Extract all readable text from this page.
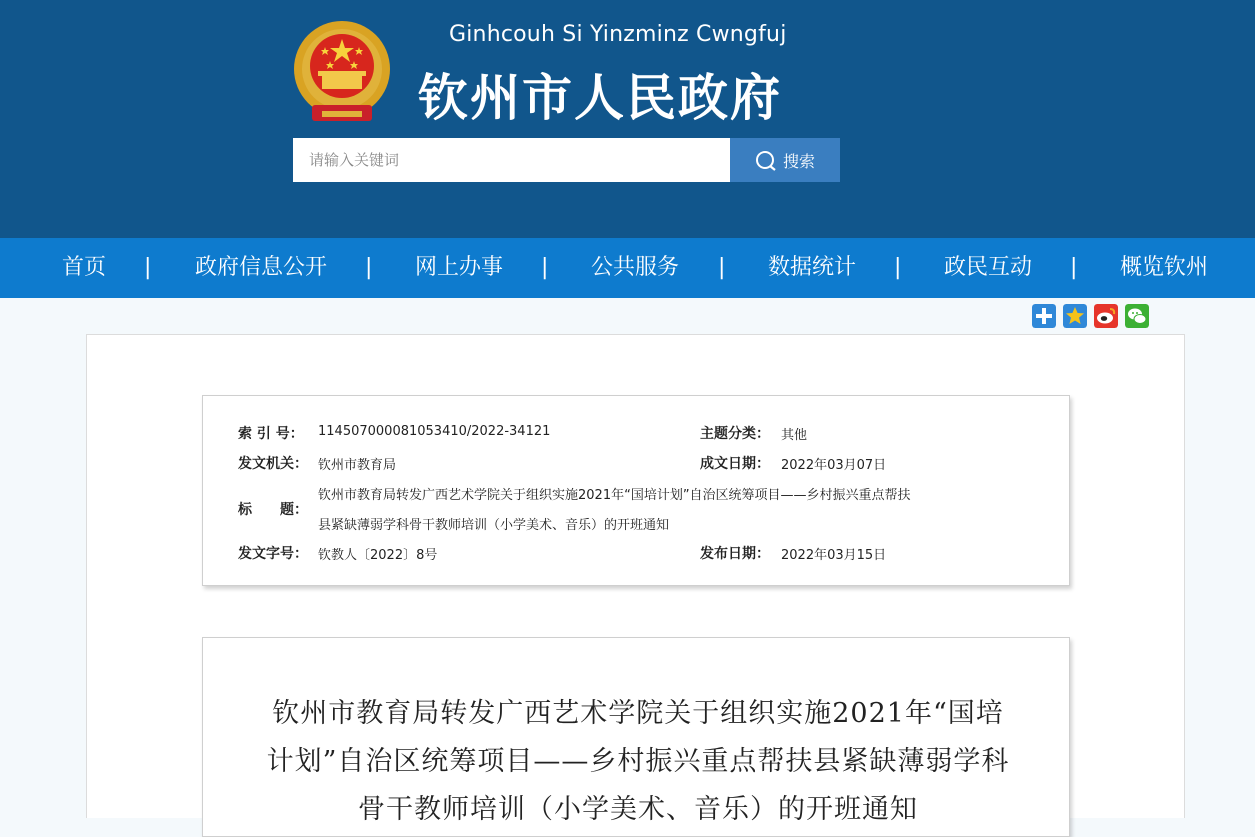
Ginhcouh Si Yinzminz Cwngfuj
钦州市人民政府
请输入关键词
搜索
首页 | 政府信息公开 | 网上办事 | 公共服务 | 数据统计 | 政民互动 | 概览钦州
索 引 号： 114507000081053410/2022-34121	主题分类： 其他
发文机关： 钦州市教育局	成文日期： 2022年03月07日
标　　题：
钦州市教育局转发广西艺术学院关于组织实施2021年“国培计划”自治区统筹项目——乡村振兴重点帮扶
县紧缺薄弱学科骨干教师培训（小学美术、音乐）的开班通知
发文字号： 钦教人〔2022〕8号	发布日期： 2022年03月15日
钦州市教育局转发广西艺术学院关于组织实施2021年“国培计划”自治区统筹项目——乡村振兴重点帮扶县紧缺薄弱学科骨干教师培训（小学美术、音乐）的开班通知
